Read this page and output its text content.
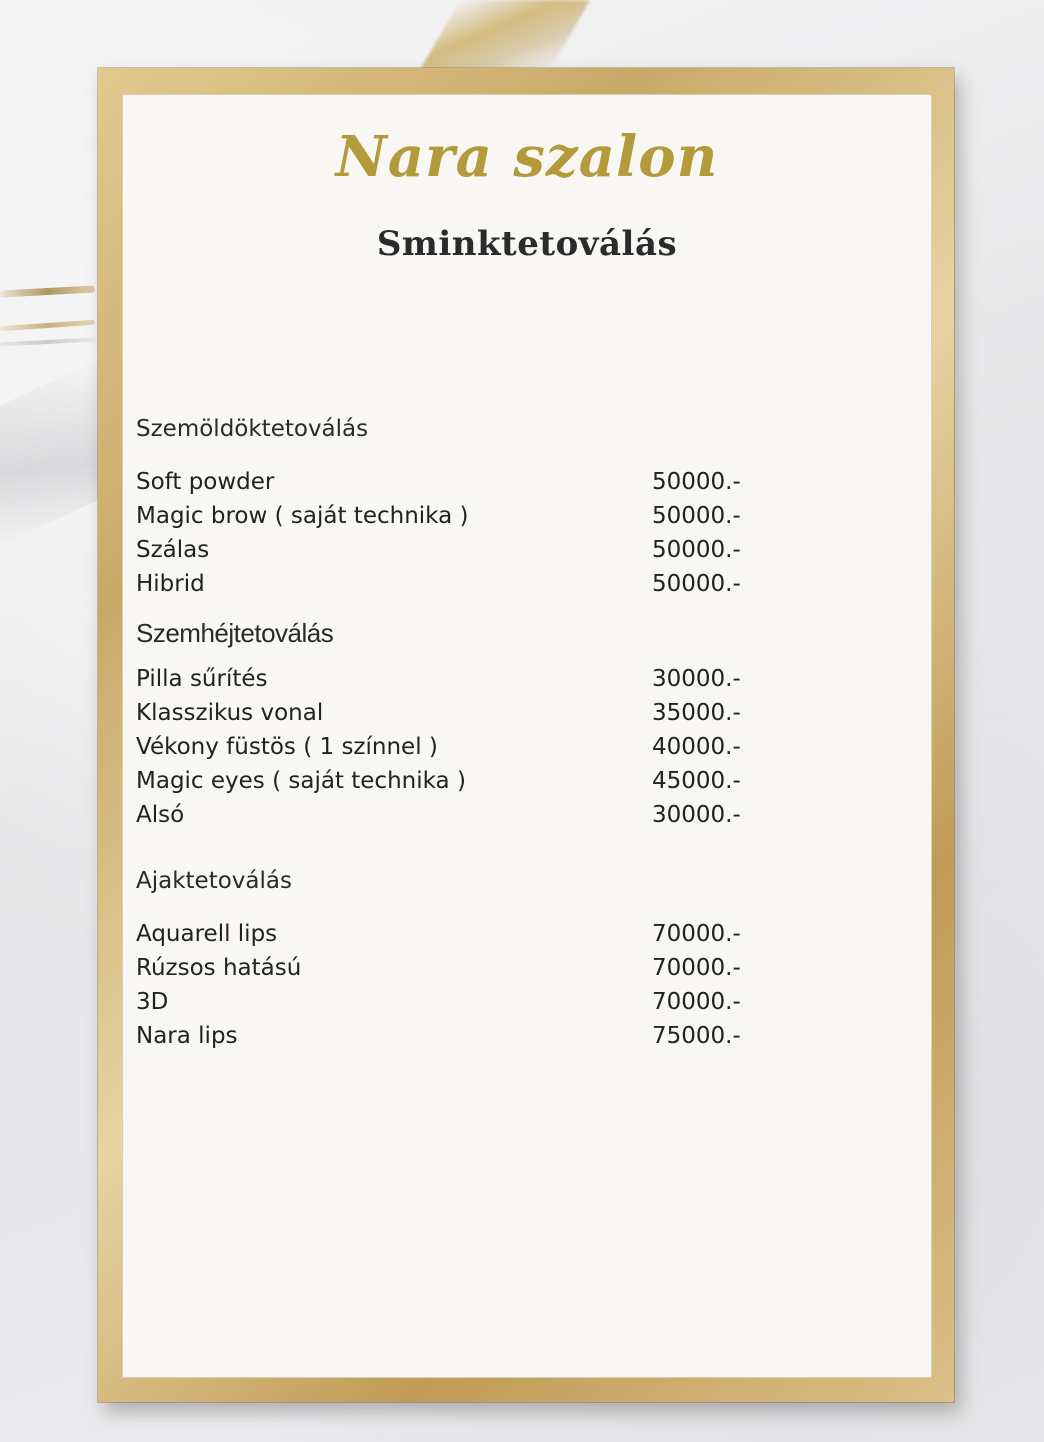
Nara szalon
Sminktetoválás
Szemöldöktetoválás
Soft powder	50000.-
Magic brow ( saját technika )	50000.-
Szálas	50000.-
Hibrid	50000.-
Szemhéjtetoválás
Pilla sűrítés	30000.-
Klasszikus vonal	35000.-
Vékony füstös ( 1 színnel )	40000.-
Magic eyes ( saját technika )	45000.-
Alsó	30000.-
Ajaktetoválás
Aquarell lips	70000.-
Rúzsos hatású	70000.-
3D	70000.-
Nara lips	75000.-
